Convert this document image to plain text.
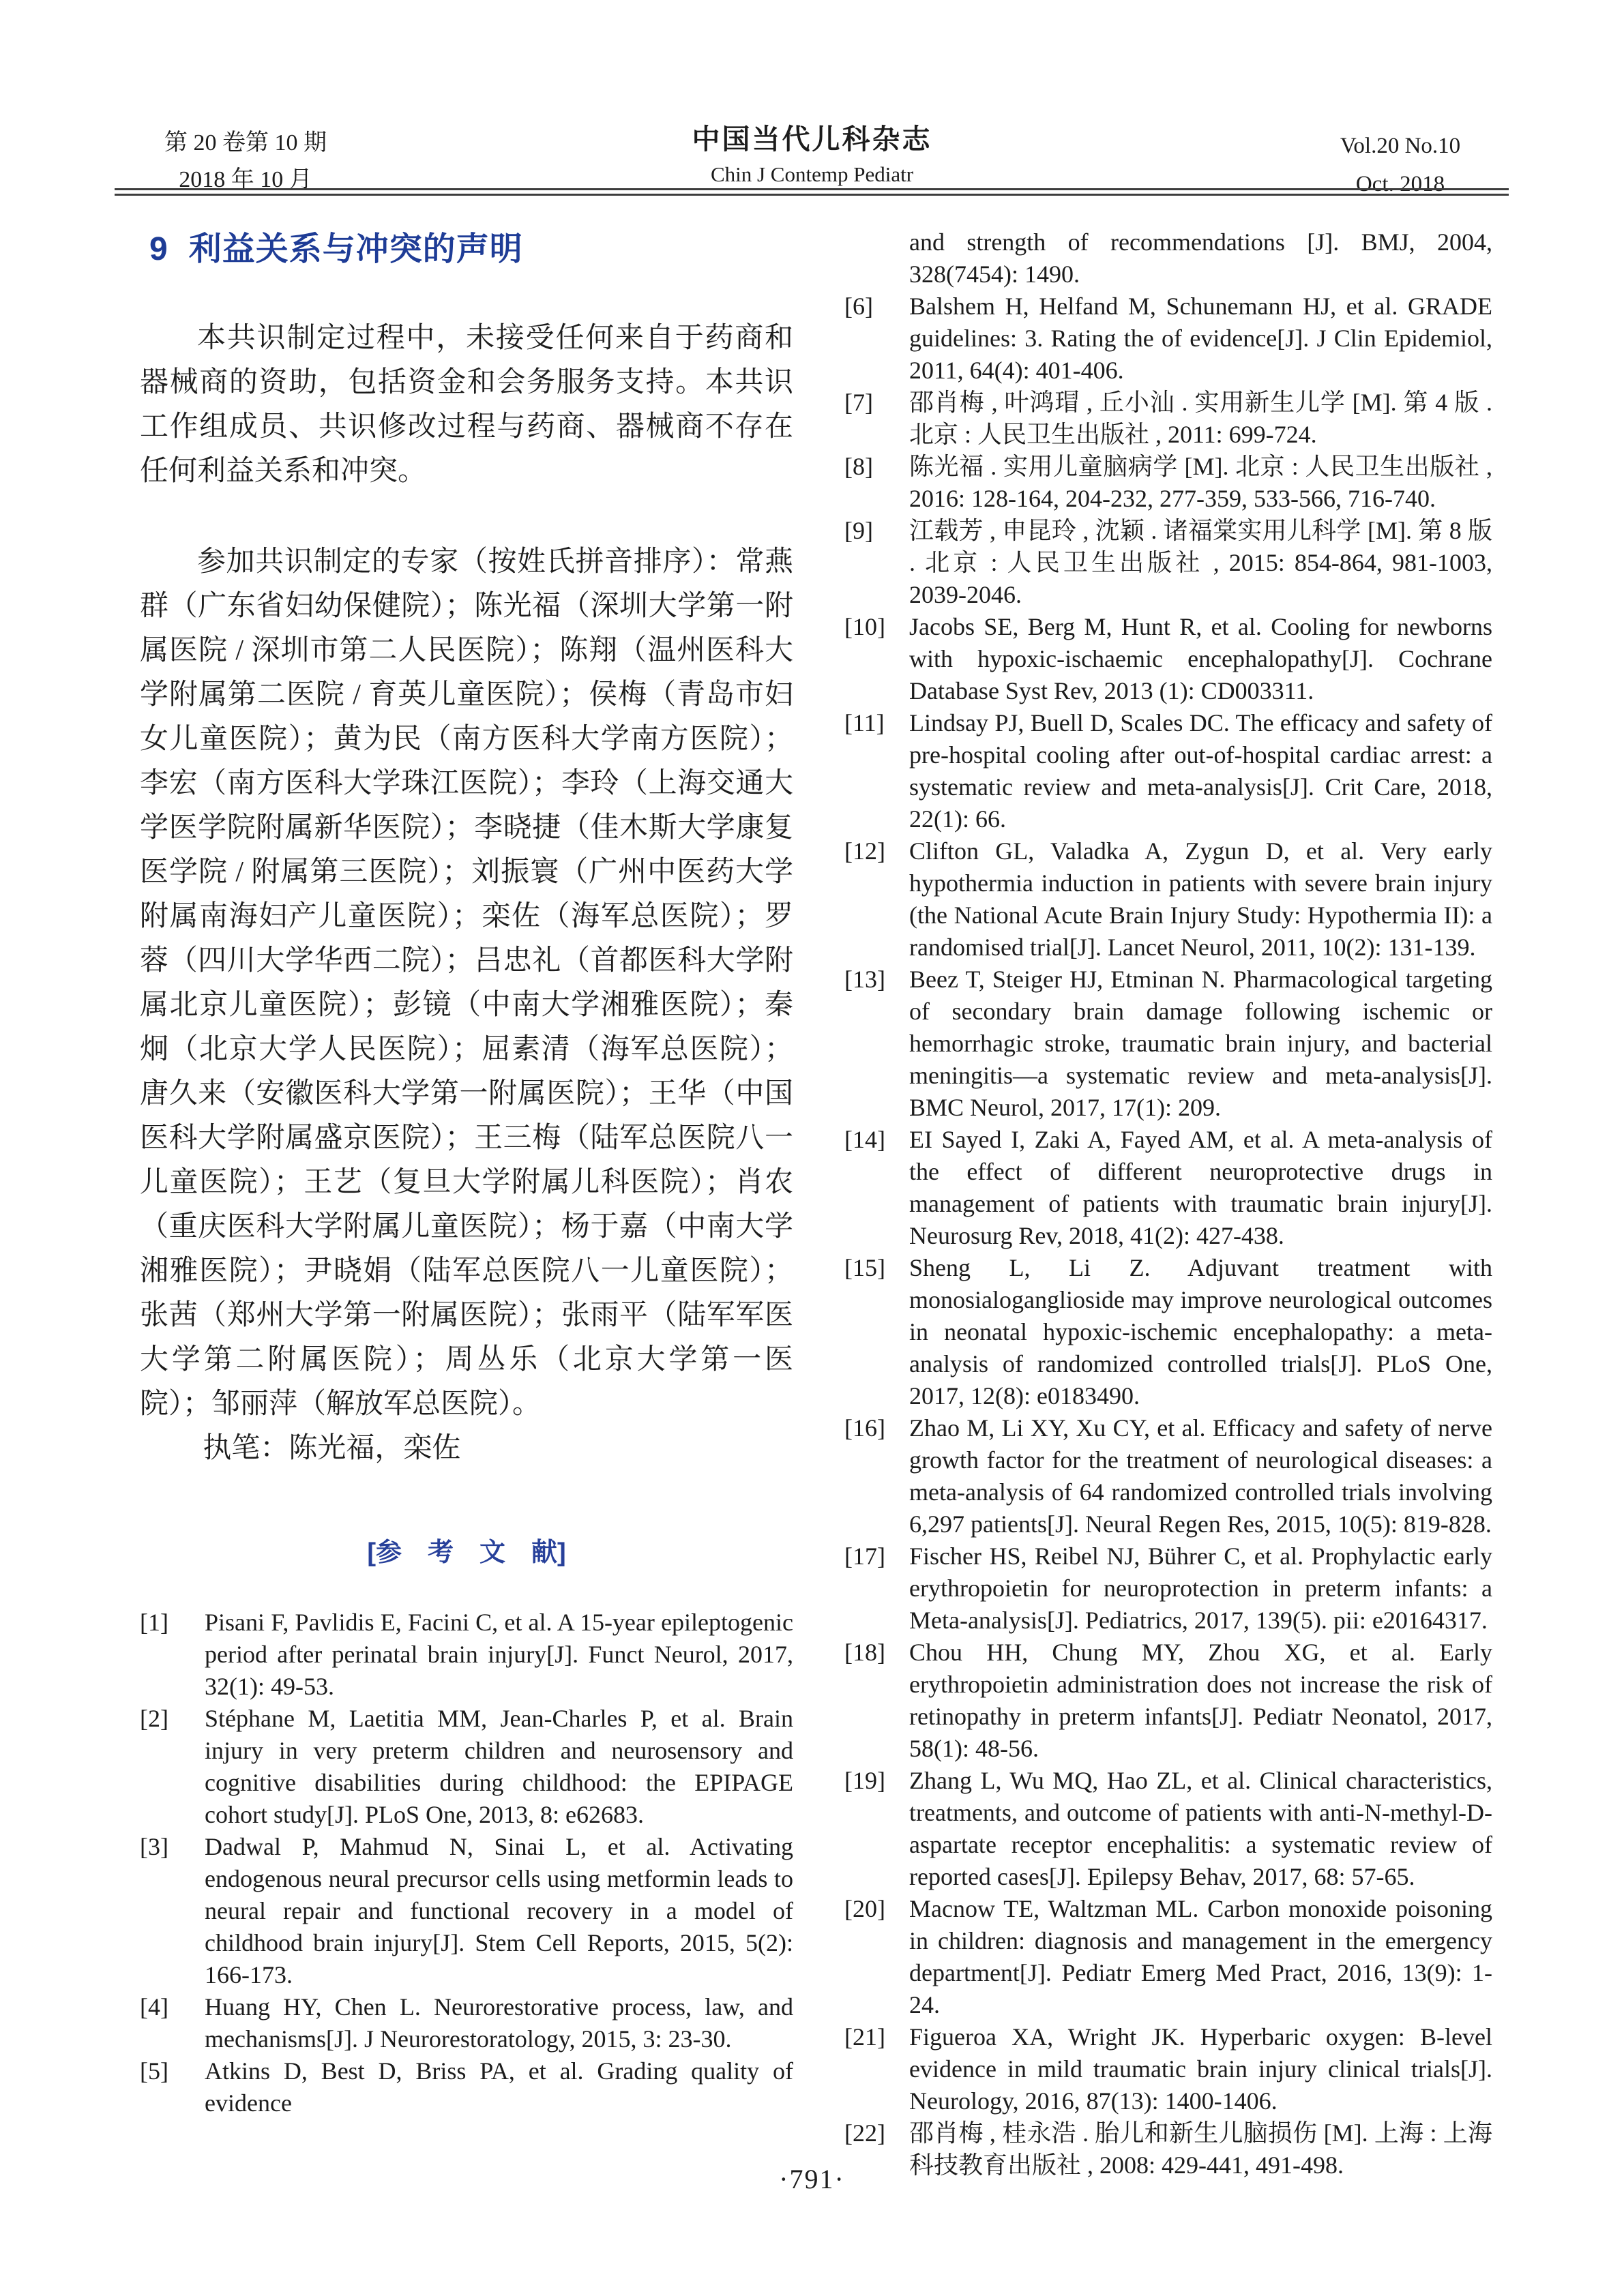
第 20 卷第 10 期
2018 年 10 月
中国当代儿科杂志
Chin J Contemp Pediatr
Vol.20 No.10
Oct. 2018
9 利益关系与冲突的声明

本共识制定过程中，未接受任何来自于药商和器械商的资助，包括资金和会务服务支持。本共识工作组成员、共识修改过程与药商、器械商不存在任何利益关系和冲突。

参加共识制定的专家（按姓氏拼音排序）：常燕群（广东省妇幼保健院）；陈光福（深圳大学第一附属医院 / 深圳市第二人民医院）；陈翔（温州医科大学附属第二医院 / 育英儿童医院）；侯梅（青岛市妇女儿童医院）；黄为民（南方医科大学南方医院）；李宏（南方医科大学珠江医院）；李玲（上海交通大学医学院附属新华医院）；李晓捷（佳木斯大学康复医学院 / 附属第三医院）；刘振寰（广州中医药大学附属南海妇产儿童医院）；栾佐（海军总医院）；罗蓉（四川大学华西二院）；吕忠礼（首都医科大学附属北京儿童医院）；彭镜（中南大学湘雅医院）；秦炯（北京大学人民医院）；屈素清（海军总医院）；唐久来（安徽医科大学第一附属医院）；王华（中国医科大学附属盛京医院）；王三梅（陆军总医院八一儿童医院）；王艺（复旦大学附属儿科医院）；肖农（重庆医科大学附属儿童医院）；杨于嘉（中南大学湘雅医院）；尹晓娟（陆军总医院八一儿童医院）；张茜（郑州大学第一附属医院）；张雨平（陆军军医大学第二附属医院）；周丛乐（北京大学第一医院）；邹丽萍（解放军总医院）。

执笔：陈光福，栾佐

[参　考　文　献]
[1]	Pisani F, Pavlidis E, Facini C, et al. A 15-year epileptogenic period after perinatal brain injury[J]. Funct Neurol, 2017, 32(1): 49-53.
[2]	Stéphane M, Laetitia MM, Jean-Charles P, et al. Brain injury in very preterm children and neurosensory and cognitive disabilities during childhood: the EPIPAGE cohort study[J]. PLoS One, 2013, 8: e62683.
[3]	Dadwal P, Mahmud N, Sinai L, et al. Activating endogenous neural precursor cells using metformin leads to neural repair and functional recovery in a model of childhood brain injury[J]. Stem Cell Reports, 2015, 5(2): 166-173.
[4]	Huang HY, Chen L. Neurorestorative process, law, and mechanisms[J]. J Neurorestoratology, 2015, 3: 23-30.
[5]	Atkins D, Best D, Briss PA, et al. Grading quality of evidence
and strength of recommendations [J]. BMJ, 2004, 328(7454): 1490.
[6]	Balshem H, Helfand M, Schunemann HJ, et al. GRADE guidelines: 3. Rating the of evidence[J]. J Clin Epidemiol, 2011, 64(4): 401-406.
[7]	邵肖梅 , 叶鸿瑁 , 丘小汕 . 实用新生儿学 [M]. 第 4 版 . 北京 : 人民卫生出版社 , 2011: 699-724.
[8]	陈光福 . 实用儿童脑病学 [M]. 北京 : 人民卫生出版社 , 2016: 128-164, 204-232, 277-359, 533-566, 716-740.
[9]	江载芳 , 申昆玲 , 沈颖 . 诸福棠实用儿科学 [M]. 第 8 版 . 北京 : 人民卫生出版社 , 2015: 854-864, 981-1003, 2039-2046.
[10] Jacobs SE, Berg M, Hunt R, et al. Cooling for newborns with hypoxic-ischaemic encephalopathy[J]. Cochrane Database Syst Rev, 2013 (1): CD003311.
[11]	Lindsay PJ, Buell D, Scales DC. The efficacy and safety of pre-hospital cooling after out-of-hospital cardiac arrest: a systematic review and meta-analysis[J]. Crit Care, 2018, 22(1): 66.
[12] Clifton GL, Valadka A, Zygun D, et al. Very early hypothermia induction in patients with severe brain injury (the National Acute Brain Injury Study: Hypothermia II): a randomised trial[J]. Lancet Neurol, 2011, 10(2): 131-139.
[13] Beez T, Steiger HJ, Etminan N. Pharmacological targeting of secondary brain damage following ischemic or hemorrhagic stroke, traumatic brain injury, and bacterial meningitis—a systematic review and meta-analysis[J]. BMC Neurol, 2017, 17(1): 209.
[14] EI Sayed I, Zaki A, Fayed AM, et al. A meta-analysis of the effect of different neuroprotective drugs in management of patients with traumatic brain injury[J]. Neurosurg Rev, 2018, 41(2): 427-438.
[15] Sheng L, Li Z. Adjuvant treatment with monosialoganglioside may improve neurological outcomes in neonatal hypoxic-ischemic encephalopathy: a meta-analysis of randomized controlled trials[J]. PLoS One, 2017, 12(8): e0183490.
[16] Zhao M, Li XY, Xu CY, et al. Efficacy and safety of nerve growth factor for the treatment of neurological diseases: a meta-analysis of 64 randomized controlled trials involving 6,297 patients[J]. Neural Regen Res, 2015, 10(5): 819-828.
[17] Fischer HS, Reibel NJ, Bührer C, et al. Prophylactic early erythropoietin for neuroprotection in preterm infants: a Meta-analysis[J]. Pediatrics, 2017, 139(5). pii: e20164317.
[18] Chou HH, Chung MY, Zhou XG, et al. Early erythropoietin administration does not increase the risk of retinopathy in preterm infants[J]. Pediatr Neonatol, 2017, 58(1): 48-56.
[19] Zhang L, Wu MQ, Hao ZL, et al. Clinical characteristics, treatments, and outcome of patients with anti-N-methyl-D-aspartate receptor encephalitis: a systematic review of reported cases[J]. Epilepsy Behav, 2017, 68: 57-65.
[20] Macnow TE, Waltzman ML. Carbon monoxide poisoning in children: diagnosis and management in the emergency department[J]. Pediatr Emerg Med Pract, 2016, 13(9): 1-24.
[21] Figueroa XA, Wright JK. Hyperbaric oxygen: B-level evidence in mild traumatic brain injury clinical trials[J]. Neurology, 2016, 87(13): 1400-1406.
[22] 邵肖梅 , 桂永浩 . 胎儿和新生儿脑损伤 [M]. 上海 : 上海科技教育出版社 , 2008: 429-441, 491-498.
·791·
